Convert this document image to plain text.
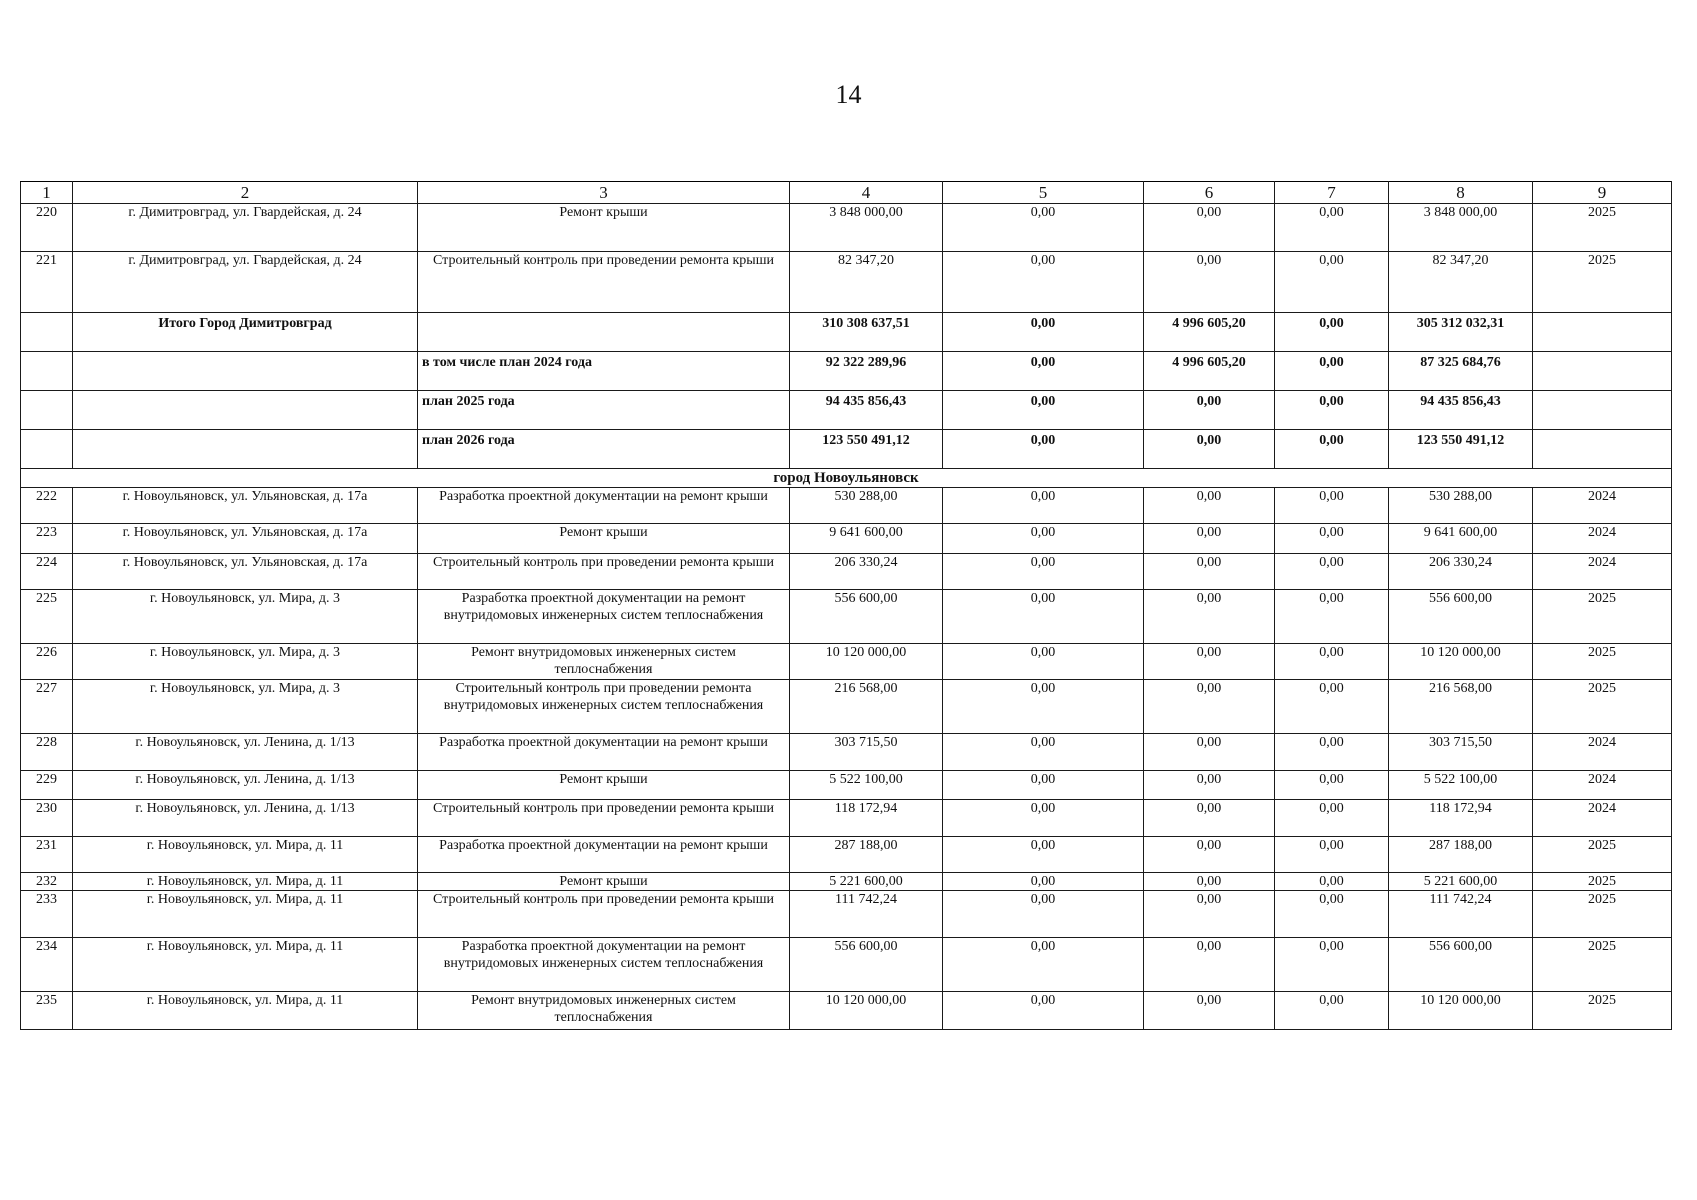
14
1	2	3	4	5	6	7	8	9
220	г. Димитровград, ул. Гвардейская, д. 24	Ремонт крыши	3 848 000,00	0,00	0,00	0,00	3 848 000,00	2025
221	г. Димитровград, ул. Гвардейская, д. 24	Строительный контроль при проведении ремонта крыши	82 347,20	0,00	0,00	0,00	82 347,20	2025
	Итого Город Димитровград		310 308 637,51	0,00	4 996 605,20	0,00	305 312 032,31	
		в том числе план 2024 года	92 322 289,96	0,00	4 996 605,20	0,00	87 325 684,76	
		план 2025 года	94 435 856,43	0,00	0,00	0,00	94 435 856,43	
		план 2026 года	123 550 491,12	0,00	0,00	0,00	123 550 491,12	
город Новоульяновск								
222	г. Новоульяновск, ул. Ульяновская, д. 17а	Разработка проектной документации на ремонт крыши	530 288,00	0,00	0,00	0,00	530 288,00	2024
223	г. Новоульяновск, ул. Ульяновская, д. 17а	Ремонт крыши	9 641 600,00	0,00	0,00	0,00	9 641 600,00	2024
224	г. Новоульяновск, ул. Ульяновская, д. 17а	Строительный контроль при проведении ремонта крыши	206 330,24	0,00	0,00	0,00	206 330,24	2024
225	г. Новоульяновск, ул. Мира, д. 3	Разработка проектной документации на ремонт внутридомовых инженерных систем теплоснабжения	556 600,00	0,00	0,00	0,00	556 600,00	2025
226	г. Новоульяновск, ул. Мира, д. 3	Ремонт внутридомовых инженерных систем теплоснабжения	10 120 000,00	0,00	0,00	0,00	10 120 000,00	2025
227	г. Новоульяновск, ул. Мира, д. 3	Строительный контроль при проведении ремонта внутридомовых инженерных систем теплоснабжения	216 568,00	0,00	0,00	0,00	216 568,00	2025
228	г. Новоульяновск, ул. Ленина, д. 1/13	Разработка проектной документации на ремонт крыши	303 715,50	0,00	0,00	0,00	303 715,50	2024
229	г. Новоульяновск, ул. Ленина, д. 1/13	Ремонт крыши	5 522 100,00	0,00	0,00	0,00	5 522 100,00	2024
230	г. Новоульяновск, ул. Ленина, д. 1/13	Строительный контроль при проведении ремонта крыши	118 172,94	0,00	0,00	0,00	118 172,94	2024
231	г. Новоульяновск, ул. Мира, д. 11	Разработка проектной документации на ремонт крыши	287 188,00	0,00	0,00	0,00	287 188,00	2025
232	г. Новоульяновск, ул. Мира, д. 11	Ремонт крыши	5 221 600,00	0,00	0,00	0,00	5 221 600,00	2025
233	г. Новоульяновск, ул. Мира, д. 11	Строительный контроль при проведении ремонта крыши	111 742,24	0,00	0,00	0,00	111 742,24	2025
234	г. Новоульяновск, ул. Мира, д. 11	Разработка проектной документации на ремонт внутридомовых инженерных систем теплоснабжения	556 600,00	0,00	0,00	0,00	556 600,00	2025
235	г. Новоульяновск, ул. Мира, д. 11	Ремонт внутридомовых инженерных систем теплоснабжения	10 120 000,00	0,00	0,00	0,00	10 120 000,00	2025
